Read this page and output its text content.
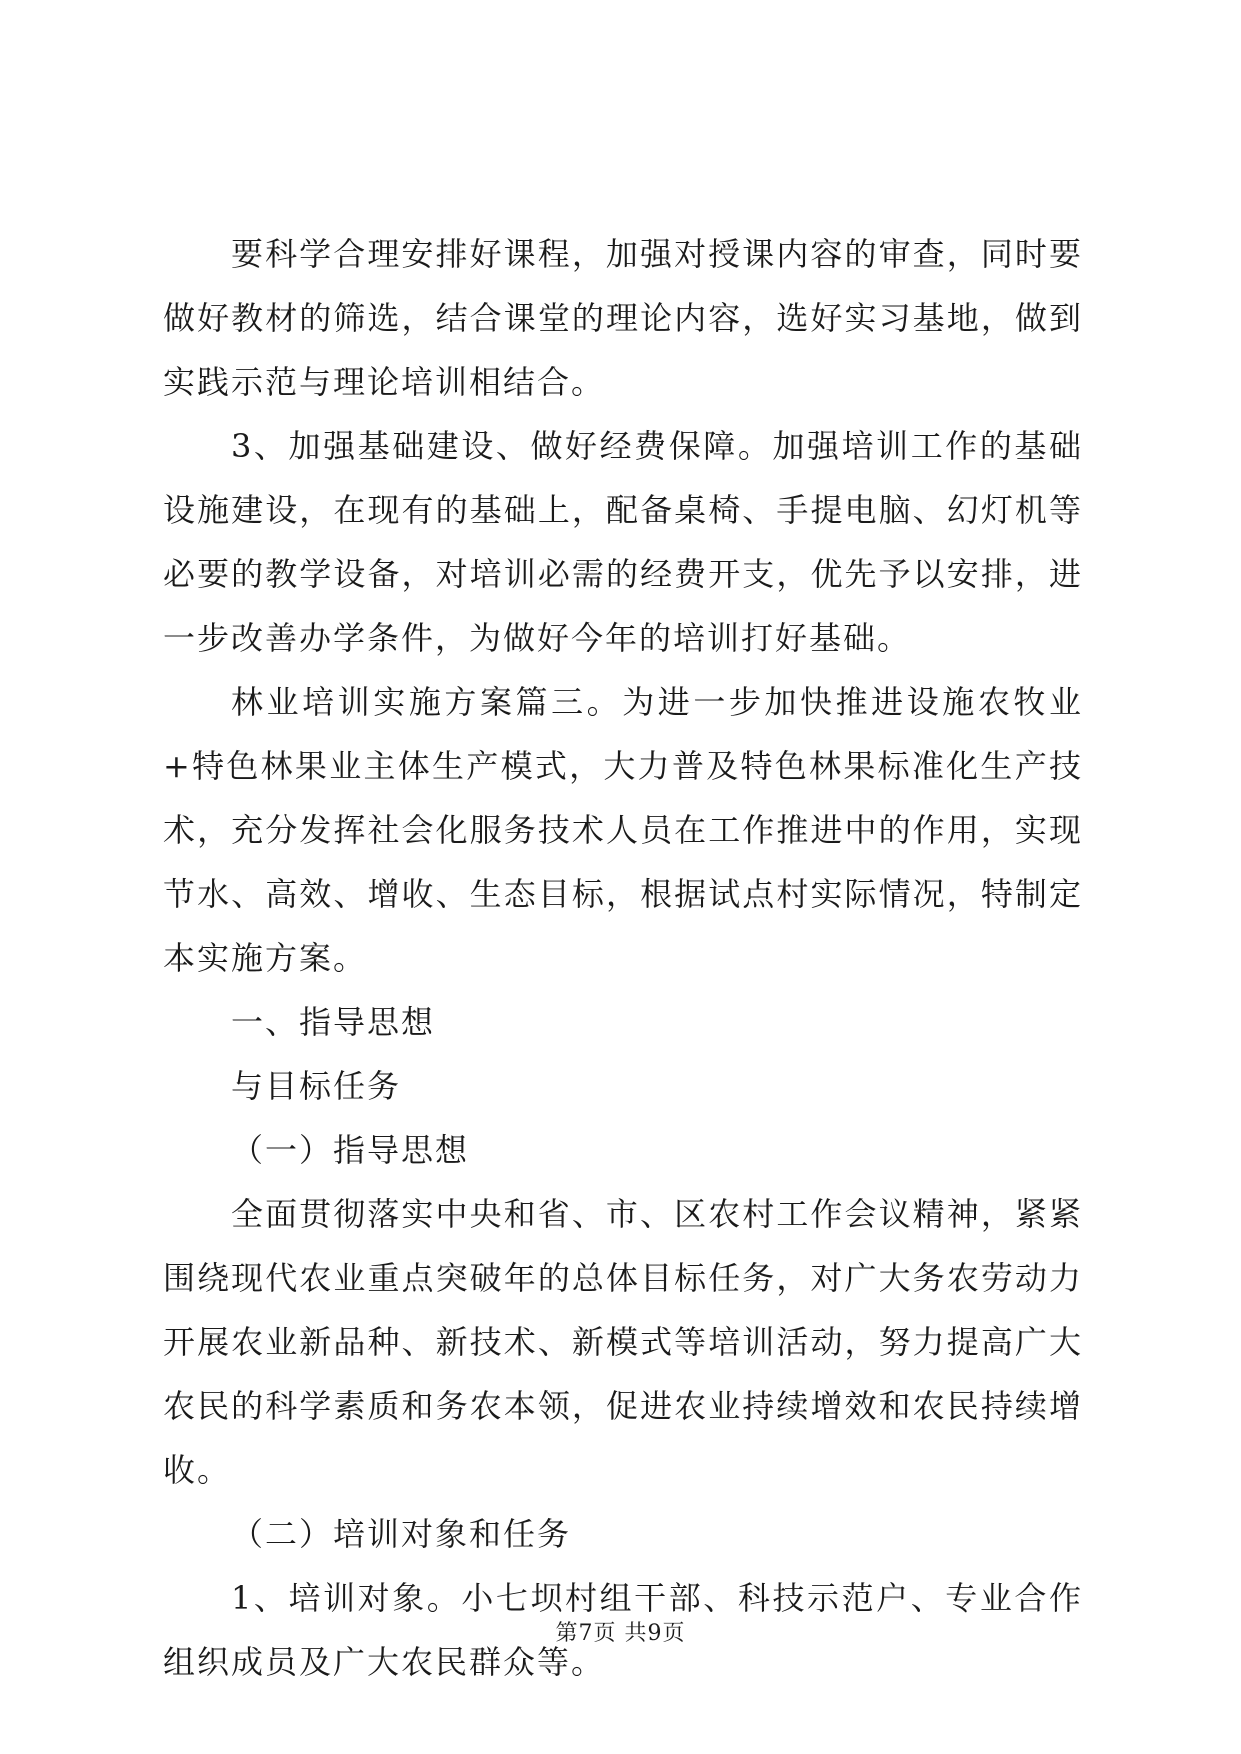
要科学合理安排好课程，加强对授课内容的审查，同时要做好教材的筛选，结合课堂的理论内容，选好实习基地，做到实践示范与理论培训相结合。

3、加强基础建设、做好经费保障。加强培训工作的基础设施建设，在现有的基础上，配备桌椅、手提电脑、幻灯机等必要的教学设备，对培训必需的经费开支，优先予以安排，进一步改善办学条件，为做好今年的培训打好基础。

林业培训实施方案篇三。为进一步加快推进设施农牧业+特色林果业主体生产模式，大力普及特色林果标准化生产技术，充分发挥社会化服务技术人员在工作推进中的作用，实现节水、高效、增收、生态目标，根据试点村实际情况，特制定本实施方案。

一、指导思想

与目标任务

（一）指导思想

全面贯彻落实中央和省、市、区农村工作会议精神，紧紧围绕现代农业重点突破年的总体目标任务，对广大务农劳动力开展农业新品种、新技术、新模式等培训活动，努力提高广大农民的科学素质和务农本领，促进农业持续增效和农民持续增收。

（二）培训对象和任务

1、培训对象。小七坝村组干部、科技示范户、专业合作组织成员及广大农民群众等。

第7页 共9页
